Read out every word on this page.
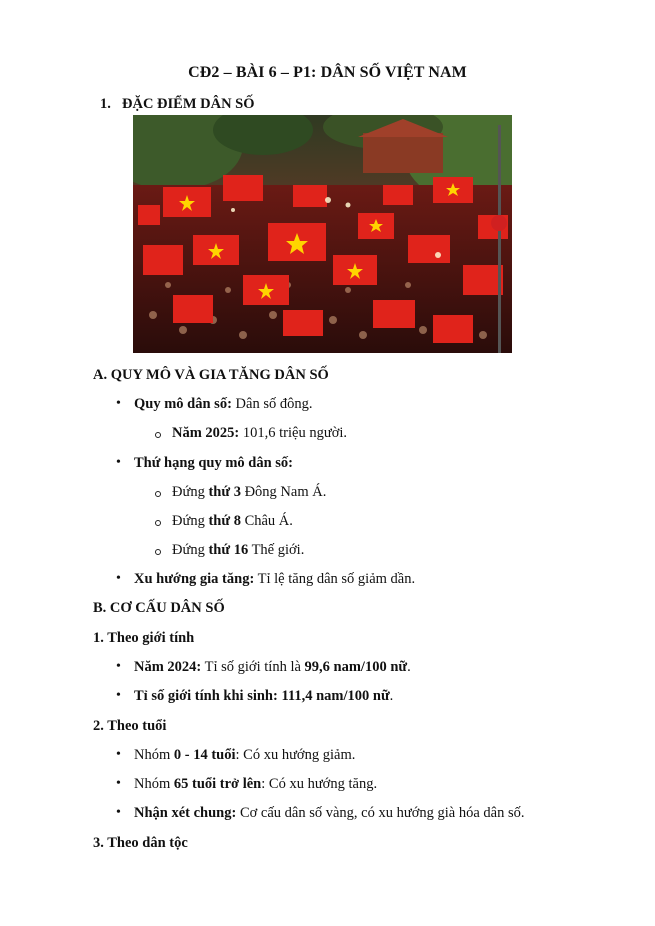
CĐ2 – BÀI 6 – P1: DÂN SỐ VIỆT NAM
1. ĐẶC ĐIỂM DÂN SỐ
A. QUY MÔ VÀ GIA TĂNG DÂN SỐ
• Quy mô dân số: Dân số đông.
Năm 2025: 101,6 triệu người.
• Thứ hạng quy mô dân số:
Đứng thứ 3 Đông Nam Á.
Đứng thứ 8 Châu Á.
Đứng thứ 16 Thế giới.
• Xu hướng gia tăng: Tỉ lệ tăng dân số giảm dần.
B. CƠ CẤU DÂN SỐ
1. Theo giới tính
• Năm 2024: Tỉ số giới tính là 99,6 nam/100 nữ.
• Tỉ số giới tính khi sinh: 111,4 nam/100 nữ.
2. Theo tuổi
• Nhóm 0 - 14 tuổi: Có xu hướng giảm.
• Nhóm 65 tuổi trở lên: Có xu hướng tăng.
• Nhận xét chung: Cơ cấu dân số vàng, có xu hướng già hóa dân số.
3. Theo dân tộc
